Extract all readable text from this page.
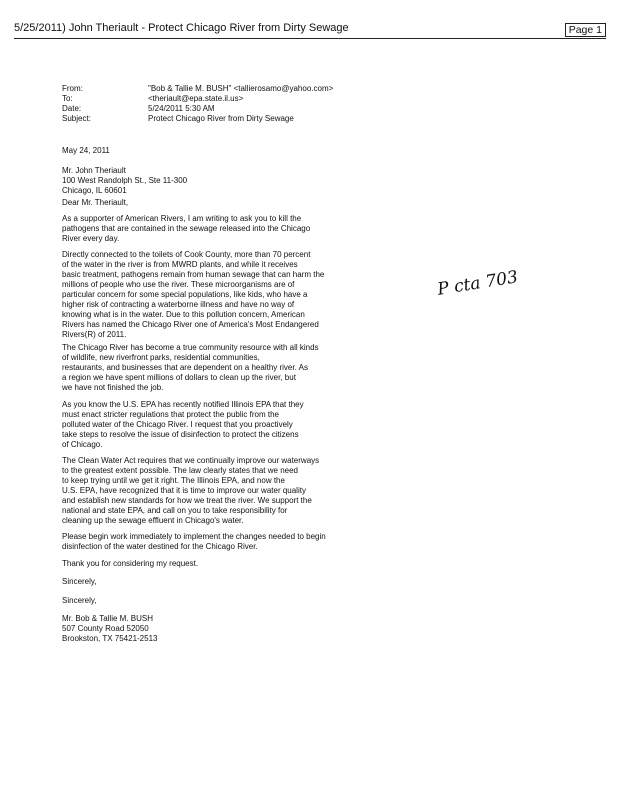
5/25/2011) John Theriault - Protect Chicago River from Dirty Sewage	Page 1
From:	"Bob & Tallie M. BUSH" <tallierosamo@yahoo.com>
To:	<theriault@epa.state.il.us>
Date:	5/24/2011 5:30 AM
Subject:	Protect Chicago River from Dirty Sewage
May 24, 2011
Mr. John Theriault
100 West Randolph St., Ste 11-300
Chicago, IL 60601
Dear Mr. Theriault,
As a supporter of American Rivers, I am writing to ask you to kill the
pathogens that are contained in the sewage released into the Chicago
River every day.
Directly connected to the toilets of Cook County, more than 70 percent
of the water in the river is from MWRD plants, and while it receives
basic treatment, pathogens remain from human sewage that can harm the
millions of people who use the river. These microorganisms are of
particular concern for some special populations, like kids, who have a
higher risk of contracting a waterborne illness and have no way of
knowing what is in the water. Due to this pollution concern, American
Rivers has named the Chicago River one of America's Most Endangered
Rivers(R) of 2011.
The Chicago River has become a true community resource with all kinds
of wildlife, new riverfront parks, residential communities,
restaurants, and businesses that are dependent on a healthy river. As
a region we have spent millions of dollars to clean up the river, but
we have not finished the job.
As you know the U.S. EPA has recently notified Illinois EPA that they
must enact stricter regulations that protect the public from the
polluted water of the Chicago River. I request that you proactively
take steps to resolve the issue of disinfection to protect the citizens
of Chicago.
The Clean Water Act requires that we continually improve our waterways
to the greatest extent possible. The law clearly states that we need
to keep trying until we get it right. The Illinois EPA, and now the
U.S. EPA, have recognized that it is time to improve our water quality
and establish new standards for how we treat the river. We support the
national and state EPA, and call on you to take responsibility for
cleaning up the sewage effluent in Chicago's water.
Please begin work immediately to implement the changes needed to begin
disinfection of the water destined for the Chicago River.
Thank you for considering my request.
Sincerely,
Sincerely,
Mr. Bob & Tallie M. BUSH
507 County Road 52050
Brookston, TX 75421-2513
P cta 703
